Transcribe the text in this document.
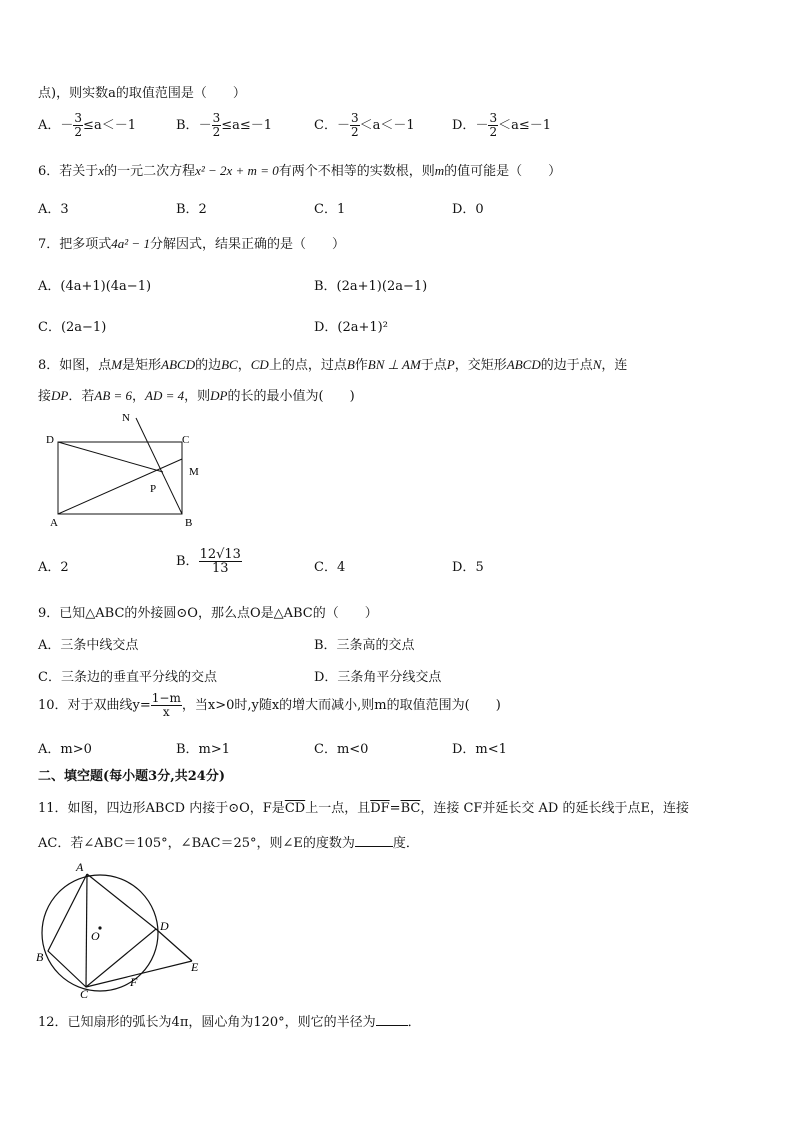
点)，则实数a的取值范围是（　　）
A．－ $\frac{3}{2} \le a<-1$	B．－ $\frac{3}{2} \le a\le-1$	C．－ $\frac{3}{2} <a<-1$	D．－ $\frac{3}{2} <a\le-1$
6．若关于x的一元二次方程x² − 2x + m = 0有两个不相等的实数根，则m的值可能是（　　）
A．3	B．2	C．1	D．0
7．把多项式4a² − 1分解因式，结果正确的是（　　）
A．(4a+1)(4a−1)	B．(2a+1)(2a−1)
C．(2a−1)	D．(2a+1)²
8．如图，点M是矩形ABCD的边BC，CD上的点，过点B作BN ⊥ AM于点P，交矩形ABCD的边于点N，连
接DP．若AB = 6，AD = 4，则DP的长的最小值为(　　)
N
D	C
M
P
A	B
A．2	B． $\frac{12√13}{13}$	C．4	D．5
9．已知△ABC的外接圆⊙O，那么点O是△ABC的（　　）
A．三条中线交点	B．三条高的交点
C．三条边的垂直平分线的交点	D．三条角平分线交点
10．对于双曲线$y= \frac{1-m}{x}$ ，当x>0时,y随x的增大而减小,则m的取值范围为(　　)
A．m>0	B．m>1	C．m<0	D．m<1
二、填空题(每小题3分,共24分)
11．如图，四边形ABCD 内接于⊙O，F是$\overline{CD}$上一点，且$\overline{DF}=\overline{BC}$，连接 CF并延长交 AD 的延长线于点E，连接
AC．若∠ABC＝105°，∠BAC＝25°，则∠E的度数为	度．
A
B
C
D
E
F
O
12．已知扇形的弧长为4π，圆心角为120°，则它的半径为 ．
